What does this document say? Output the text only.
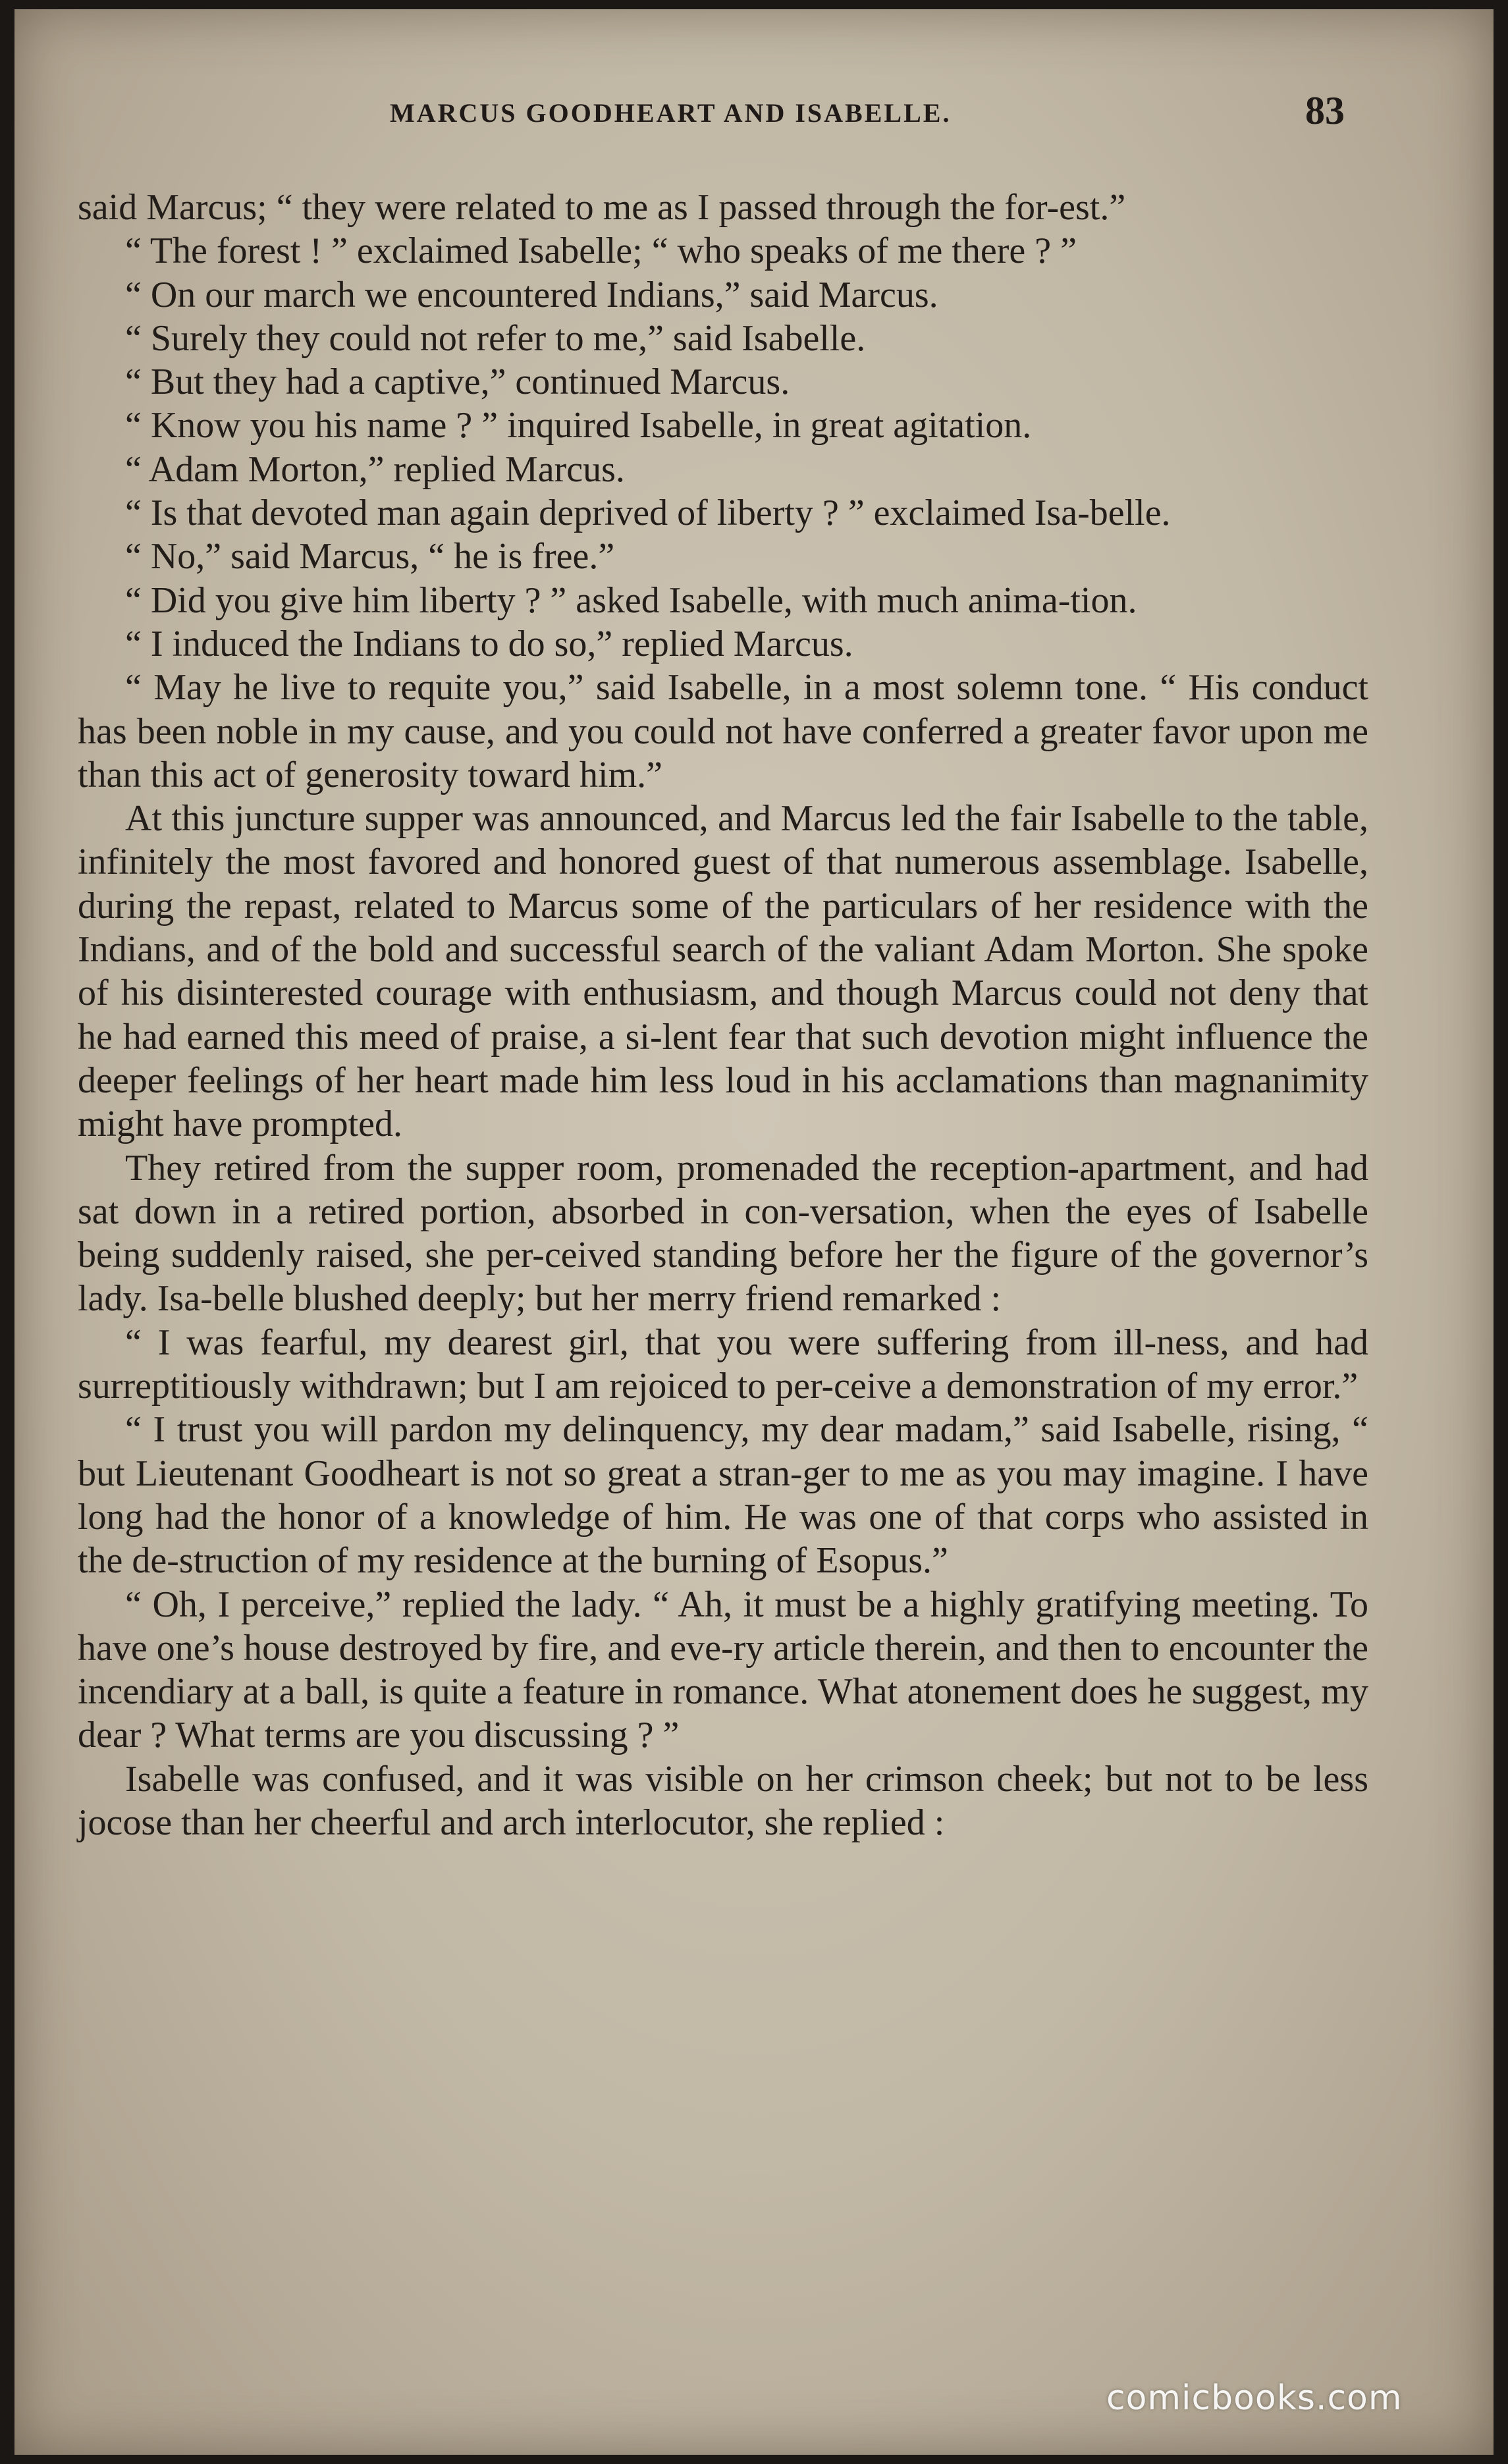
MARCUS GOODHEART AND ISABELLE.	83

said Marcus; “ they were related to me as I passed through the for-est.”

“ The forest ! ” exclaimed Isabelle; “ who speaks of me there ? ”

“ On our march we encountered Indians,” said Marcus.

“ Surely they could not refer to me,” said Isabelle.

“ But they had a captive,” continued Marcus.

“ Know you his name ? ” inquired Isabelle, in great agitation.

“ Adam Morton,” replied Marcus.

“ Is that devoted man again deprived of liberty ? ” exclaimed Isa-belle.

“ No,” said Marcus, “ he is free.”

“ Did you give him liberty ? ” asked Isabelle, with much anima-tion.

“ I induced the Indians to do so,” replied Marcus.

“ May he live to requite you,” said Isabelle, in a most solemn tone. “ His conduct has been noble in my cause, and you could not have conferred a greater favor upon me than this act of generosity toward him.”

At this juncture supper was announced, and Marcus led the fair Isabelle to the table, infinitely the most favored and honored guest of that numerous assemblage. Isabelle, during the repast, related to Marcus some of the particulars of her residence with the Indians, and of the bold and successful search of the valiant Adam Morton. She spoke of his disinterested courage with enthusiasm, and though Marcus could not deny that he had earned this meed of praise, a si-lent fear that such devotion might influence the deeper feelings of her heart made him less loud in his acclamations than magnanimity might have prompted.

They retired from the supper room, promenaded the reception-apartment, and had sat down in a retired portion, absorbed in con-versation, when the eyes of Isabelle being suddenly raised, she per-ceived standing before her the figure of the governor’s lady. Isa-belle blushed deeply; but her merry friend remarked :

“ I was fearful, my dearest girl, that you were suffering from ill-ness, and had surreptitiously withdrawn; but I am rejoiced to per-ceive a demonstration of my error.”

“ I trust you will pardon my delinquency, my dear madam,” said Isabelle, rising, “ but Lieutenant Goodheart is not so great a stran-ger to me as you may imagine. I have long had the honor of a knowledge of him. He was one of that corps who assisted in the de-struction of my residence at the burning of Esopus.”

“ Oh, I perceive,” replied the lady. “ Ah, it must be a highly gratifying meeting. To have one’s house destroyed by fire, and eve-ry article therein, and then to encounter the incendiary at a ball, is quite a feature in romance. What atonement does he suggest, my dear ? What terms are you discussing ? ”

Isabelle was confused, and it was visible on her crimson cheek; but not to be less jocose than her cheerful and arch interlocutor, she replied :

comicbooks.com
